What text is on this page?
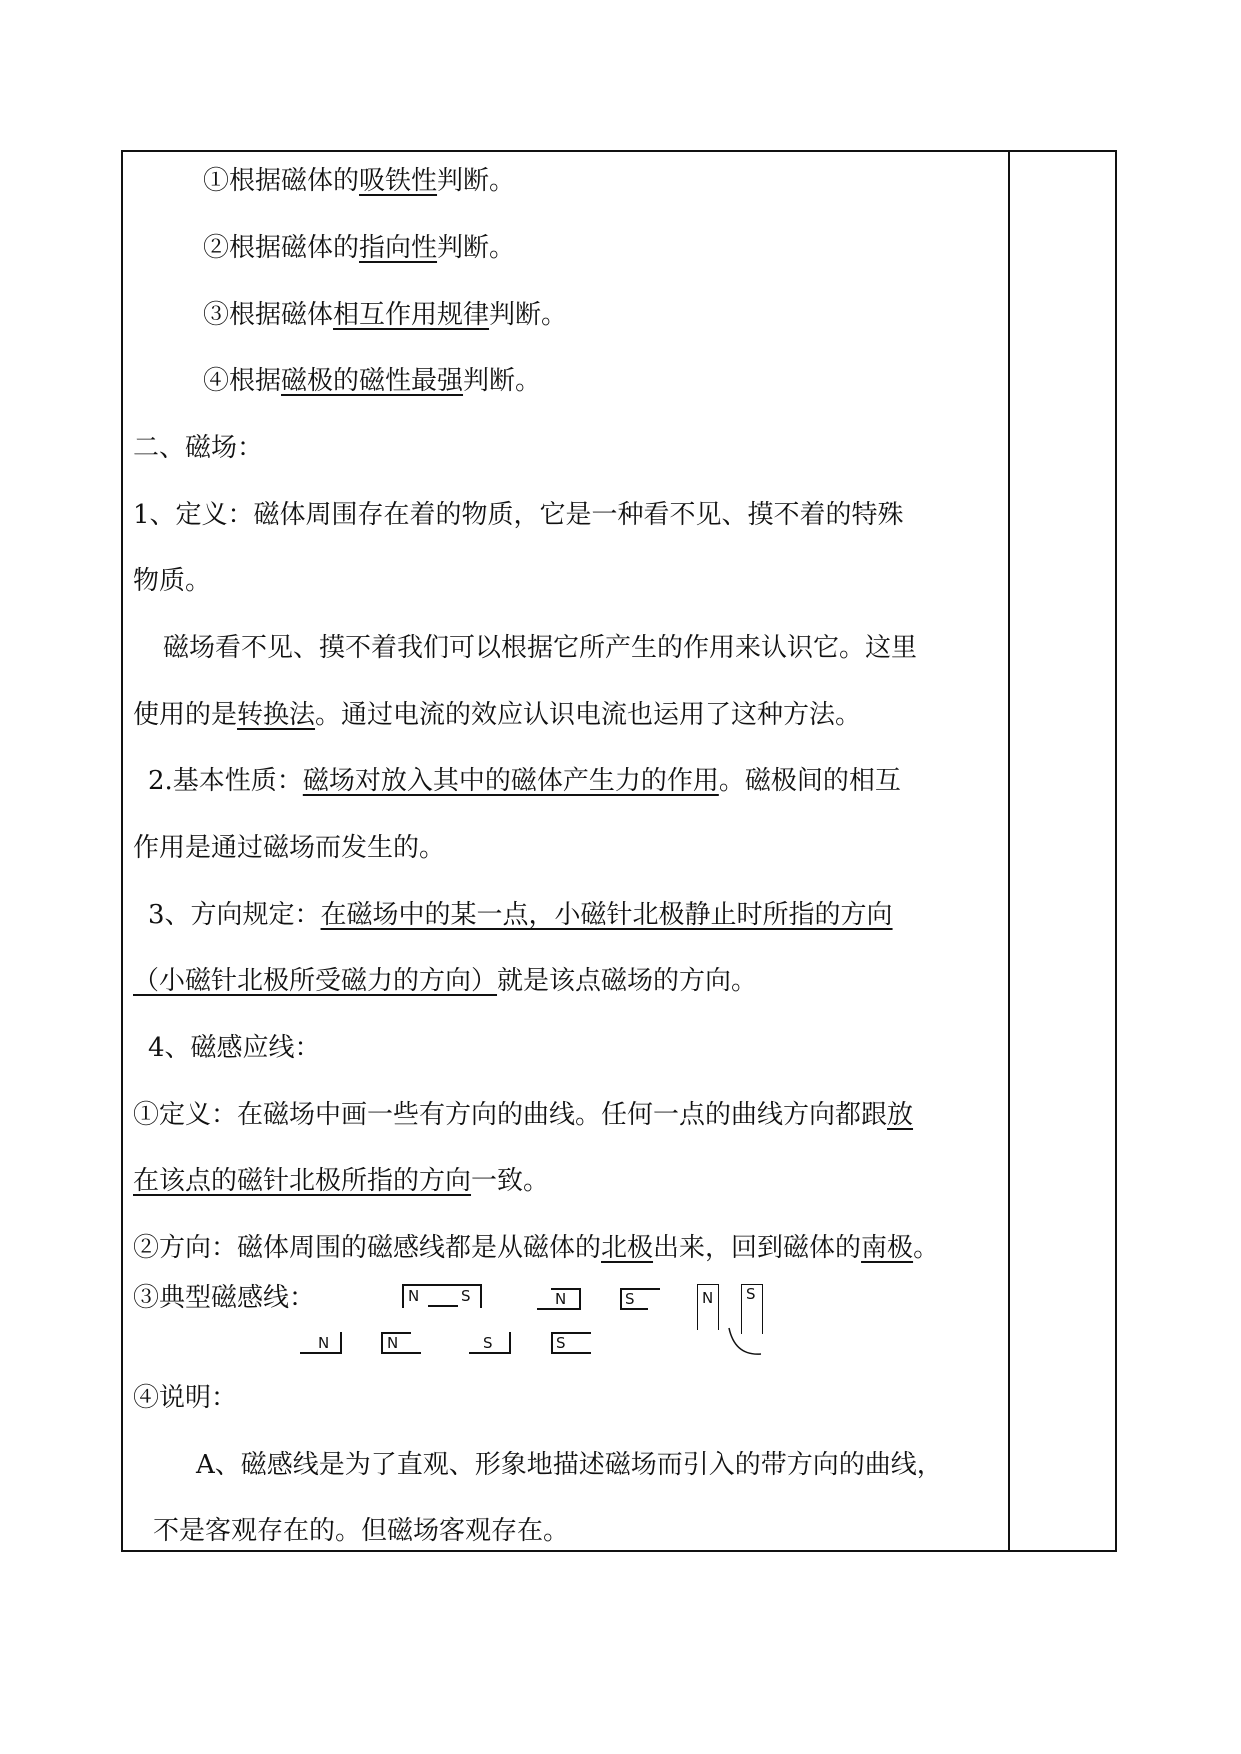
①根据磁体的吸铁性判断。
②根据磁体的指向性判断。
③根据磁体相互作用规律判断。
④根据磁极的磁性最强判断。
二、磁场：
1、定义：磁体周围存在着的物质，它是一种看不见、摸不着的特殊
物质。
磁场看不见、摸不着我们可以根据它所产生的作用来认识它。这里
使用的是转换法。通过电流的效应认识电流也运用了这种方法。
2.基本性质：磁场对放入其中的磁体产生力的作用。磁极间的相互
作用是通过磁场而发生的。
3、方向规定：在磁场中的某一点，小磁针北极静止时所指的方向
（小磁针北极所受磁力的方向）就是该点磁场的方向。
4、磁感应线：
①定义：在磁场中画一些有方向的曲线。任何一点的曲线方向都跟放
在该点的磁针北极所指的方向一致。
②方向：磁体周围的磁感线都是从磁体的北极出来，回到磁体的南极。
③典型磁感线：	N	S	N	S
N	N	S	S
N S
④说明：
A、磁感线是为了直观、形象地描述磁场而引入的带方向的曲线，
不是客观存在的。但磁场客观存在。
